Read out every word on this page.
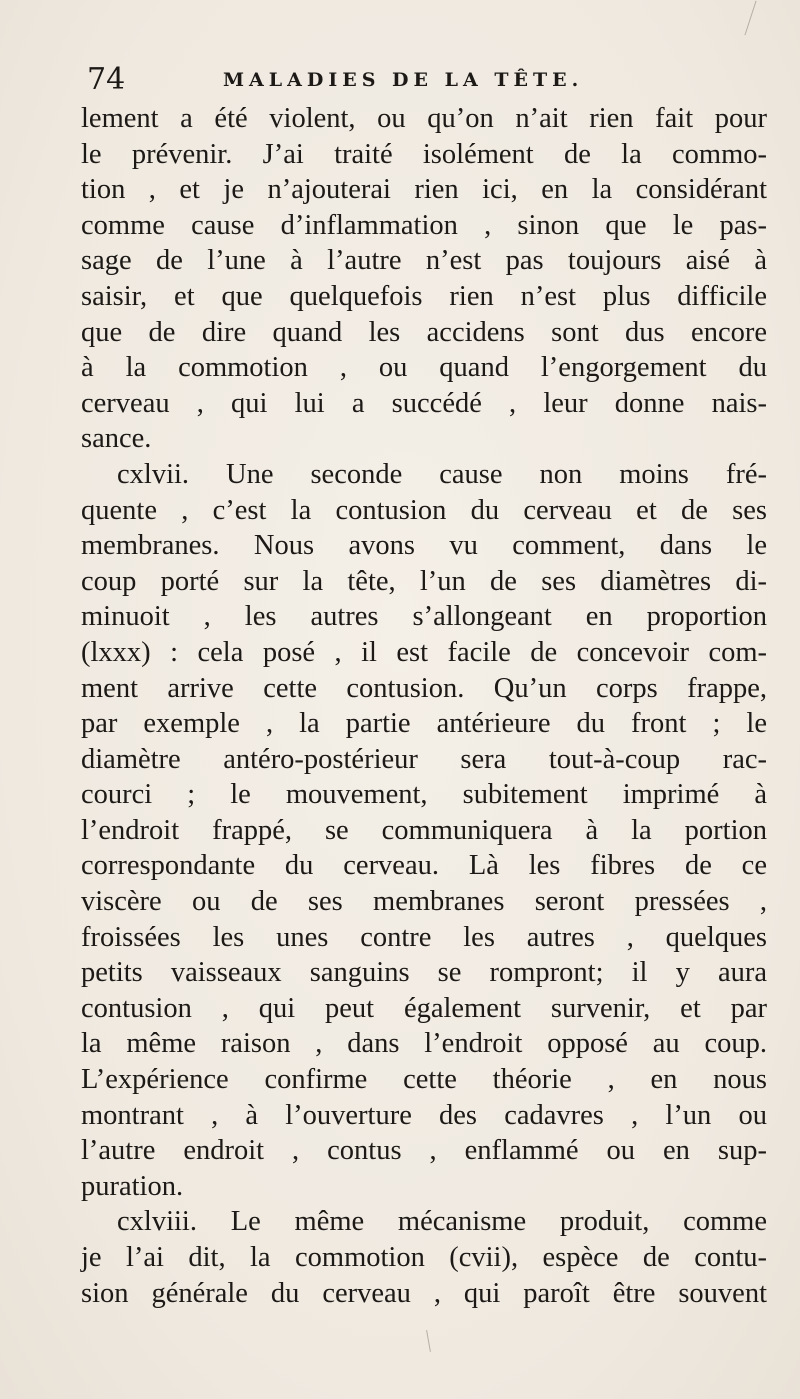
74	MALADIES DE LA TÊTE.
lement a été violent, ou qu’on n’ait rien fait pour
le prévenir. J’ai traité isolément de la commo-
tion , et je n’ajouterai rien ici, en la considérant
comme cause d’inflammation , sinon que le pas-
sage de l’une à l’autre n’est pas toujours aisé à
saisir, et que quelquefois rien n’est plus difficile
que de dire quand les accidens sont dus encore
à la commotion , ou quand l’engorgement du
cerveau , qui lui a succédé , leur donne nais-
sance.
cxlvii. Une seconde cause non moins fré-
quente , c’est la contusion du cerveau et de ses
membranes. Nous avons vu comment, dans le
coup porté sur la tête, l’un de ses diamètres di-
minuoit , les autres s’allongeant en proportion
(lxxx) : cela posé , il est facile de concevoir com-
ment arrive cette contusion. Qu’un corps frappe,
par exemple , la partie antérieure du front ; le
diamètre antéro-postérieur sera tout-à-coup rac-
courci ; le mouvement, subitement imprimé à
l’endroit frappé, se communiquera à la portion
correspondante du cerveau. Là les fibres de ce
viscère ou de ses membranes seront pressées ,
froissées les unes contre les autres , quelques
petits vaisseaux sanguins se rompront; il y aura
contusion , qui peut également survenir, et par
la même raison , dans l’endroit opposé au coup.
L’expérience confirme cette théorie , en nous
montrant , à l’ouverture des cadavres , l’un ou
l’autre endroit , contus , enflammé ou en sup-
puration.
cxlviii. Le même mécanisme produit, comme
je l’ai dit, la commotion (cvii), espèce de contu-
sion générale du cerveau , qui paroît être souvent
